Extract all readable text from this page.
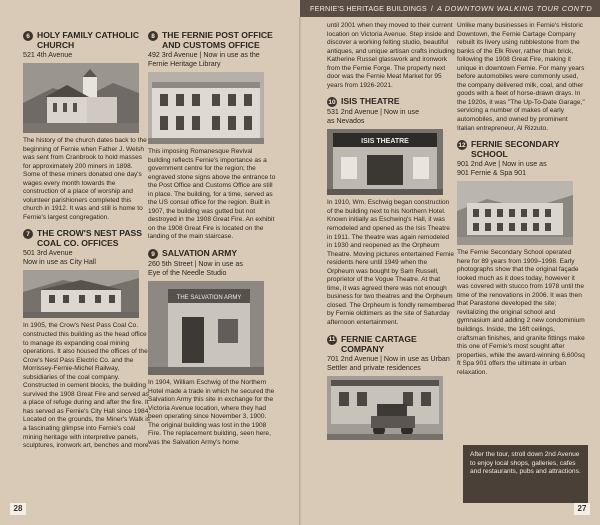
FERNIE'S HERITAGE BUILDINGS / A DOWNTOWN WALKING TOUR CONT'D
6 HOLY FAMILY CATHOLIC CHURCH
521 4th Avenue
The history of the church dates back to the beginning of Fernie when Father J. Welsh was sent from Cranbrook to hold masses for approximately 200 miners in 1898. Some of these miners donated one day's wages every month towards the construction of a place of worship and volunteer parishioners completed this church in 1912. It was and still is home to Fernie's largest congregation.
7 THE CROW'S NEST PASS COAL CO. OFFICES
501 3rd Avenue
Now in use as City Hall
In 1905, the Crow's Nest Pass Coal Co. constructed this building as the head office to manage its expanding coal mining operations. It also housed the offices of the Crow's Nest Pass Electric Co. and the Morrissey-Fernie-Michel Railway, subsidiaries of the coal company. Constructed in cement blocks, the building survived the 1908 Great Fire and served as a place of refuge during and after the fire. It has served as Fernie's City Hall since 1984. Located on the grounds, the Miner's Walk is a fascinating glimpse into Fernie's coal mining heritage with interpretive panels, sculptures, ironwork art, benches and more.
8 THE FERNIE POST OFFICE AND CUSTOMS OFFICE
492 3rd Avenue | Now in use as the
Fernie Heritage Library
This imposing Romanesque Revival building reflects Fernie's importance as a government centre for the region; the engraved stone signs above the entrance to the Post Office and Customs Office are still in place. The building, for a time, served as the US consul office for the region. Built in 1907, the building was gutted but not destroyed in the 1908 Great Fire. An exhibit on the 1908 Great Fire is located on the landing of the main staircase.
9 SALVATION ARMY
260 5th Street | Now in use as
Eye of the Needle Studio
THE SALVATION ARMY
In 1904, William Eschwig of the Northern Hotel made a trade in which he secured the Salvation Army this site in exchange for the Victoria Avenue location, where they had been operating since November 3, 1900. The original building was lost in the 1908 Fire. The replacement building, seen here, was the Salvation Army's home
until 2001 when they moved to their current location on Victoria Avenue. Step inside and discover a working felting studio, beautiful antiques, and unique artisan crafts including Katherine Russel glasswork and ironwork from the Fernie Forge. The property next door was the Fernie Meat Market for 95 years from 1926-2021.
10 ISIS THEATRE
531 2nd Avenue | Now in use
as Nevados
ISIS THEATRE
In 1910, Wm. Eschwig began construction of the building next to his Northern Hotel. Known initially as Eschwing's Hall, it was remodeled and opened as the Isis Theatre in 1911. The theatre was again remodeled in 1930 and reopened as the Orpheum Theatre. Moving pictures entertained Fernie residents here until 1949 when the Orpheum was bought by Sam Russell, proprietor of the Vogue Theatre. At that time, it was agreed there was not enough business for two theatres and the Orpheum closed. The Orpheum is fondly remembered by Fernie oldtimers as the site of Saturday afternoon entertainment.
11 FERNIE CARTAGE COMPANY
701 2nd Avenue | Now in use as Urban
Settler and private residences
Unlike many businesses in Fernie's Historic Downtown, the Fernie Cartage Company rebuilt its livery using rubblestone from the banks of the Elk River, rather than brick, following the 1908 Great Fire, making it unique in downtown Fernie. For many years before automobiles were commonly used, the company delivered milk, coal, and other goods with a fleet of horse-drawn drays. In the 1920s, it was "The Up-To-Date Garage," servicing a number of makes of early automobiles, and owned by prominent Italian entrepreneur, Al Rizzuto.
12 FERNIE SECONDARY SCHOOL
901 2nd Ave | Now in use as
901 Fernie & Spa 901
The Fernie Secondary School operated here for 89 years from 1909–1998. Early photographs show that the original façade looked much as it does today, however it was covered with stucco from 1978 until the time of the renovations in 2006. It was then that Parastone developed the site; revitalizing the original school and gymnasium and adding 2 new condominium buildings. Inside, the 16ft ceilings, craftsman finishes, and granite fittings make this one of Fernie's most sought after properties, while the award-winning 6,600sq ft Spa 901 offers the ultimate in urban relaxation.
After the tour, stroll down 2nd Avenue to enjoy local shops, galleries, cafes and restaurants, pubs and attractions.
28	27
